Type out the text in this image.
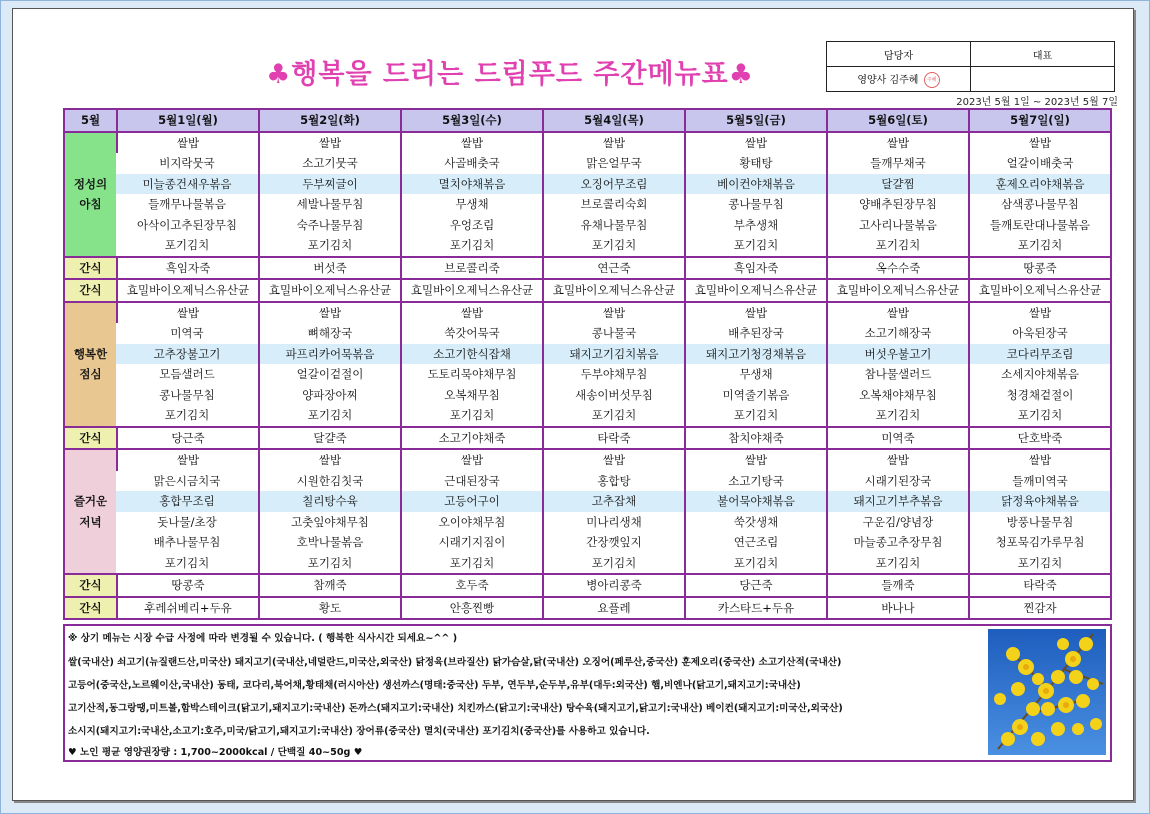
♣행복을 드리는 드림푸드 주간메뉴표♣
담당자	대표
영양사 김주혜 주혜	
2023년 5월 1일 ~ 2023년 5월 7일
5월	5월1일(월)	5월2일(화)	5월3일(수)	5월4일(목)	5월5일(금)	5월6일(토)	5월7일(일)
정성의
아침	쌀밥	쌀밥	쌀밥	쌀밥	쌀밥	쌀밥	쌀밥
	비지락뭇국	소고기뭇국	사골배춧국	맑은얼무국	황태탕	들깨무채국	얼갈이배춧국
	미늘종건새우볶음	두부찌글이	멸치야채볶음	오징어무조림	베이컨야채볶음	달걀찜	훈제오리야채볶음
	들깨무나물볶음	세발나물무침	무생채	브로콜리숙회	콩나물무침	양배추된장무침	삼색콩나물무침
	아삭이고추된장무침	숙주나물무침	우엉조림	유채나물무침	부추생채	고사리나물볶음	들깨토란대나물볶음
	포기김치	포기김치	포기김치	포기김치	포기김치	포기김치	포기김치
간식	흑임자죽	버섯죽	브로콜리죽	연근죽	흑임자죽	옥수수죽	땅콩죽
간식	효밀바이오제닉스유산균	효밀바이오제닉스유산균	효밀바이오제닉스유산균	효밀바이오제닉스유산균	효밀바이오제닉스유산균	효밀바이오제닉스유산균	효밀바이오제닉스유산균
행복한
점심	쌀밥	쌀밥	쌀밥	쌀밥	쌀밥	쌀밥	쌀밥
	미역국	뼈해장국	쑥갓어묵국	콩나물국	배추된장국	소고기해장국	아욱된장국
	고추장불고기	파프리카어묵볶음	소고기한식잡채	돼지고기김치볶음	돼지고기청경채볶음	버섯우불고기	코다리무조림
	모듬샐러드	얼갈이겉절이	도토리묵야채무침	두부야채무침	무생채	참나물샐러드	소세지야채볶음
	콩나물무침	양파장아찌	오복채무침	새송이버섯무침	미역줄기볶음	오복채야채무침	청경채겉절이
	포기김치	포기김치	포기김치	포기김치	포기김치	포기김치	포기김치
간식	당근죽	달걀죽	소고기야채죽	타락죽	참치야채죽	미역죽	단호박죽
즐거운
저녁	쌀밥	쌀밥	쌀밥	쌀밥	쌀밥	쌀밥	쌀밥
	맑은시금치국	시원한김칫국	근대된장국	홍합탕	소고기탕국	시래기된장국	들깨미역국
	홍합무조림	칠리탕수육	고등어구이	고추잡채	불어묵야채볶음	돼지고기부추볶음	닭정육야채볶음
	돗나물/초장	고춧잎야채무침	오이야채무침	미나리생채	쑥갓생채	구운김/양념장	방풍나물무침
	배추나물무침	호박나물볶음	시래기지짐이	간장깻잎지	연근조림	마늘종고추장무침	청포묵김가루무침
	포기김치	포기김치	포기김치	포기김치	포기김치	포기김치	포기김치
간식	땅콩죽	참깨죽	호두죽	병아리콩죽	당근죽	들깨죽	타락죽
간식	후레쉬베리+두유	황도	안흥찐빵	요플레	카스타드+두유	바나나	찐감자

※ 상기 메뉴는 시장 수급 사정에 따라 변경될 수 있습니다. ( 행복한 식사시간 되세요~^^ )

쌀(국내산) 쇠고기(뉴질랜드산,미국산) 돼지고기(국내산,네덜란드,미국산,외국산) 닭정육(브라질산) 닭가슴살,닭(국내산) 오징어(페루산,중국산) 훈제오리(중국산) 소고기산적(국내산)

고등어(중국산,노르웨이산,국내산) 동태, 코다리,북어채,황태채(러시아산) 생선까스(명태:중국산) 두부, 연두부,순두부,유부(대두:외국산) 햄,비엔나(닭고기,돼지고기:국내산)

고기산적,동그랑땡,미트볼,함박스테이크(닭고기,돼지고기:국내산) 돈까스(돼지고기:국내산) 치킨까스(닭고기:국내산) 탕수육(돼지고기,닭고기:국내산) 베이컨(돼지고기:미국산,외국산)

소시지(돼지고기:국내산,소고기:호주,미국/닭고기,돼지고기:국내산) 장어류(중국산) 멸치(국내산) 포기김치(중국산)를 사용하고 있습니다.

♥ 노인 평균 영양권장량 : 1,700~2000kcal / 단백질 40~50g ♥
